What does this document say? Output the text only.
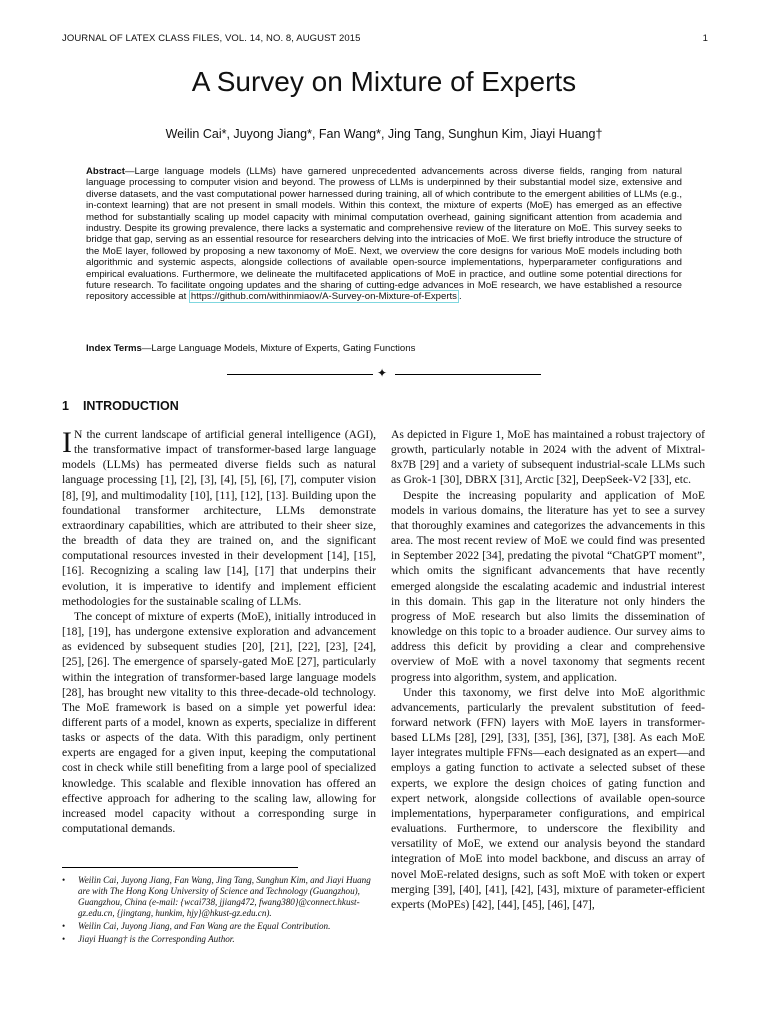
JOURNAL OF LATEX CLASS FILES, VOL. 14, NO. 8, AUGUST 2015	1
A Survey on Mixture of Experts
Weilin Cai*, Juyong Jiang*, Fan Wang*, Jing Tang, Sunghun Kim, Jiayi Huang†
Abstract—Large language models (LLMs) have garnered unprecedented advancements across diverse fields, ranging from natural language processing to computer vision and beyond. The prowess of LLMs is underpinned by their substantial model size, extensive and diverse datasets, and the vast computational power harnessed during training, all of which contribute to the emergent abilities of LLMs (e.g., in-context learning) that are not present in small models. Within this context, the mixture of experts (MoE) has emerged as an effective method for substantially scaling up model capacity with minimal computation overhead, gaining significant attention from academia and industry. Despite its growing prevalence, there lacks a systematic and comprehensive review of the literature on MoE. This survey seeks to bridge that gap, serving as an essential resource for researchers delving into the intricacies of MoE. We first briefly introduce the structure of the MoE layer, followed by proposing a new taxonomy of MoE. Next, we overview the core designs for various MoE models including both algorithmic and systemic aspects, alongside collections of available open-source implementations, hyperparameter configurations and empirical evaluations. Furthermore, we delineate the multifaceted applications of MoE in practice, and outline some potential directions for future research. To facilitate ongoing updates and the sharing of cutting-edge advances in MoE research, we have established a resource repository accessible at https://github.com/withinmiaov/A-Survey-on-Mixture-of-Experts .
Index Terms—Large Language Models, Mixture of Experts, Gating Functions
✦
1 INTRODUCTION

I N the current landscape of artificial general intelligence (AGI), the transformative impact of transformer-based large language models (LLMs) has permeated diverse fields such as natural language processing [1], [2], [3], [4], [5], [6], [7], computer vision [8], [9], and multimodality [10], [11], [12], [13]. Building upon the foundational transformer architecture, LLMs demonstrate extraordinary capabilities, which are attributed to their sheer size, the breadth of data they are trained on, and the significant computational resources invested in their development [14], [15], [16]. Recognizing a scaling law [14], [17] that underpins their evolution, it is imperative to identify and implement efficient methodologies for the sustainable scaling of LLMs.

The concept of mixture of experts (MoE), initially introduced in [18], [19], has undergone extensive exploration and advancement as evidenced by subsequent studies [20], [21], [22], [23], [24], [25], [26]. The emergence of sparsely-gated MoE [27], particularly within the integration of transformer-based large language models [28], has brought new vitality to this three-decade-old technology. The MoE framework is based on a simple yet powerful idea: different parts of a model, known as experts, specialize in different tasks or aspects of the data. With this paradigm, only pertinent experts are engaged for a given input, keeping the computational cost in check while still benefiting from a large pool of specialized knowledge. This scalable and flexible innovation has offered an effective approach for adhering to the scaling law, allowing for increased model capacity without a corresponding surge in computational demands.

• Weilin Cai, Juyong Jiang, Fan Wang, Jing Tang, Sunghun Kim, and Jiayi Huang are with The Hong Kong University of Science and Technology (Guangzhou), Guangzhou, China (e-mail: {wcai738, jjiang472, fwang380}@connect.hkust-gz.edu.cn, {jingtang, hunkim, hjy}@hkust-gz.edu.cn).
• Weilin Cai, Juyong Jiang, and Fan Wang are the Equal Contribution.
• Jiayi Huang† is the Corresponding Author.

As depicted in Figure 1, MoE has maintained a robust trajectory of growth, particularly notable in 2024 with the advent of Mixtral-8x7B [29] and a variety of subsequent industrial-scale LLMs such as Grok-1 [30], DBRX [31], Arctic [32], DeepSeek-V2 [33], etc.

Despite the increasing popularity and application of MoE models in various domains, the literature has yet to see a survey that thoroughly examines and categorizes the advancements in this area. The most recent review of MoE we could find was presented in September 2022 [34], predating the pivotal “ChatGPT moment”, which omits the significant advancements that have recently emerged alongside the escalating academic and industrial interest in this domain. This gap in the literature not only hinders the progress of MoE research but also limits the dissemination of knowledge on this topic to a broader audience. Our survey aims to address this deficit by providing a clear and comprehensive overview of MoE with a novel taxonomy that segments recent progress into algorithm, system, and application.

Under this taxonomy, we first delve into MoE algorithmic advancements, particularly the prevalent substitution of feed-forward network (FFN) layers with MoE layers in transformer-based LLMs [28], [29], [33], [35], [36], [37], [38]. As each MoE layer integrates multiple FFNs—each designated as an expert—and employs a gating function to activate a selected subset of these experts, we explore the design choices of gating function and expert network, alongside collections of available open-source implementations, hyperparameter configurations, and empirical evaluations. Furthermore, to underscore the flexibility and versatility of MoE, we extend our analysis beyond the standard integration of MoE into model backbone, and discuss an array of novel MoE-related designs, such as soft MoE with token or expert merging [39], [40], [41], [42], [43], mixture of parameter-efficient experts (MoPEs) [42], [44], [45], [46], [47],
